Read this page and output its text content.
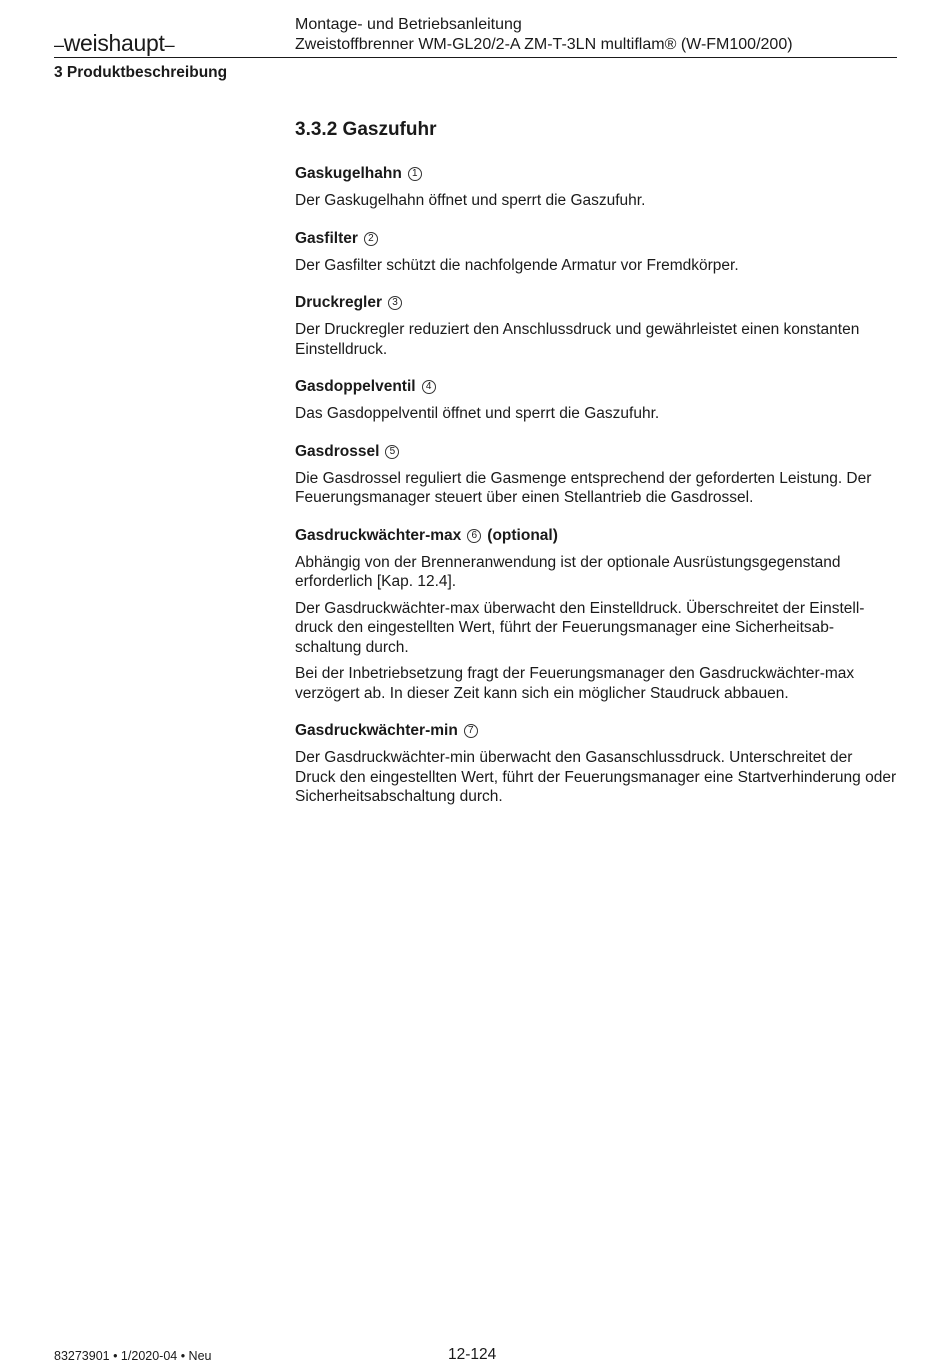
–weishaupt–
Montage- und Betriebsanleitung
Zweistoffbrenner WM-GL20/2-A ZM-T-3LN multiflam® (W-FM100/200)
3 Produktbeschreibung
3.3.2 Gaszufuhr
Gaskugelhahn	1
Der Gaskugelhahn öffnet und sperrt die Gaszufuhr.
Gasfilter	2
Der Gasfilter schützt die nachfolgende Armatur vor Fremdkörper.
Druckregler	3
Der Druckregler reduziert den Anschlussdruck und gewährleistet einen konstanten Einstelldruck.
Gasdoppelventil	4
Das Gasdoppelventil öffnet und sperrt die Gaszufuhr.
Gasdrossel	5
Die Gasdrossel reguliert die Gasmenge entsprechend der geforderten Leistung. Der Feuerungsmanager steuert über einen Stellantrieb die Gasdrossel.
Gasdruckwächter-max	6 (optional)
Abhängig von der Brenneranwendung ist der optionale Ausrüstungsgegenstand erforderlich [Kap. 12.4].
Der Gasdruckwächter-max überwacht den Einstelldruck. Überschreitet der Einstell-druck den eingestellten Wert, führt der Feuerungsmanager eine Sicherheitsab-schaltung durch.
Bei der Inbetriebsetzung fragt der Feuerungsmanager den Gasdruckwächter-max verzögert ab. In dieser Zeit kann sich ein möglicher Staudruck abbauen.
Gasdruckwächter-min	7
Der Gasdruckwächter-min überwacht den Gasanschlussdruck. Unterschreitet der Druck den eingestellten Wert, führt der Feuerungsmanager eine Startverhinderung oder Sicherheitsabschaltung durch.
83273901 • 1/2020-04 • Neu	12-124
